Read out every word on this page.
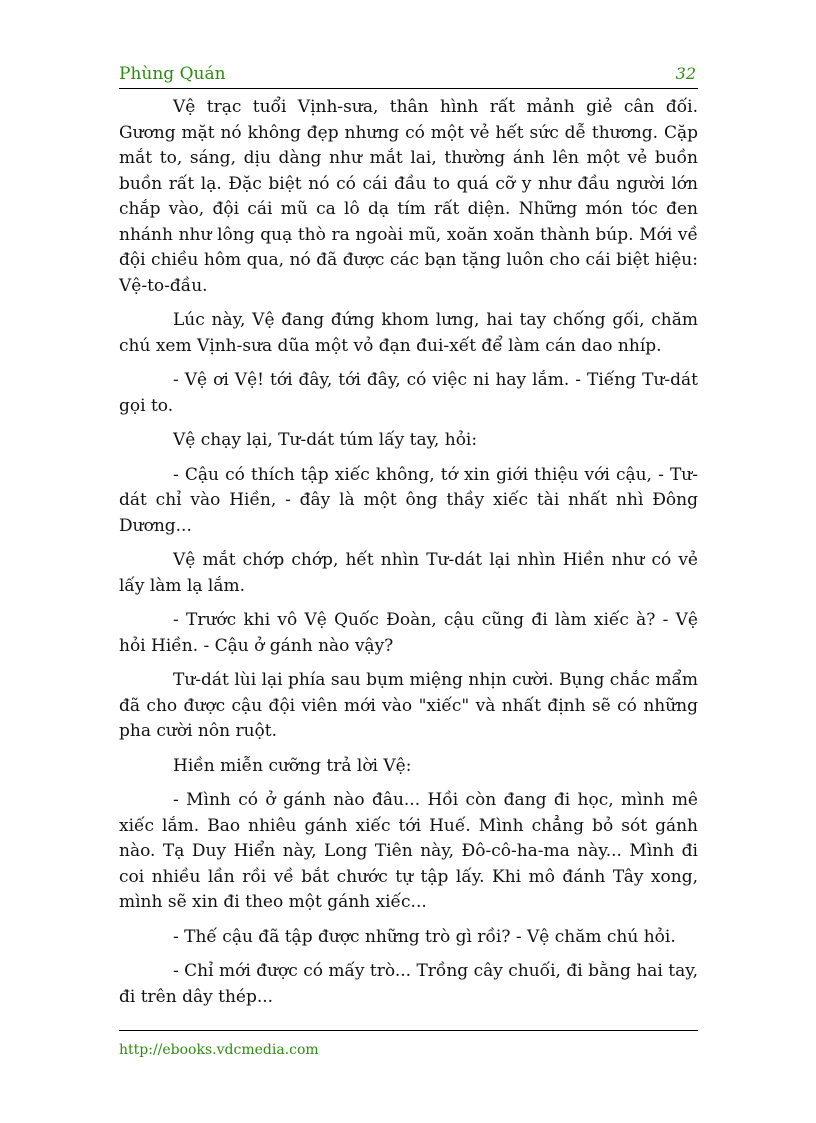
Phùng Quán	32

Vệ trạc tuổi Vịnh-sưa, thân hình rất mảnh giẻ cân đối. Gương mặt nó không đẹp nhưng có một vẻ hết sức dễ thương. Cặp mắt to, sáng, dịu dàng như mắt lai, thường ánh lên một vẻ buồn buồn rất lạ. Đặc biệt nó có cái đầu to quá cỡ y như đầu người lớn chắp vào, đội cái mũ ca lô dạ tím rất diện. Những món tóc đen nhánh như lông quạ thò ra ngoài mũ, xoăn xoăn thành búp. Mới về đội chiều hôm qua, nó đã được các bạn tặng luôn cho cái biệt hiệu: Vệ-to-đầu.

Lúc này, Vệ đang đứng khom lưng, hai tay chống gối, chăm chú xem Vịnh-sưa dũa một vỏ đạn đui-xết để làm cán dao nhíp.

- Vệ ơi Vệ! tới đây, tới đây, có việc ni hay lắm. - Tiếng Tư-dát gọi to.

Vệ chạy lại, Tư-dát túm lấy tay, hỏi:

- Cậu có thích tập xiếc không, tớ xin giới thiệu với cậu, - Tư-dát chỉ vào Hiền, - đây là một ông thầy xiếc tài nhất nhì Đông Dương...

Vệ mắt chớp chớp, hết nhìn Tư-dát lại nhìn Hiền như có vẻ lấy làm lạ lắm.

- Trước khi vô Vệ Quốc Đoàn, cậu cũng đi làm xiếc à? - Vệ hỏi Hiền. - Cậu ở gánh nào vậy?

Tư-dát lùi lại phía sau bụm miệng nhịn cười. Bụng chắc mẩm đã cho được cậu đội viên mới vào "xiếc" và nhất định sẽ có những pha cười nôn ruột.

Hiền miễn cưỡng trả lời Vệ:

- Mình có ở gánh nào đâu... Hồi còn đang đi học, mình mê xiếc lắm. Bao nhiêu gánh xiếc tới Huế. Mình chẳng bỏ sót gánh nào. Tạ Duy Hiển này, Long Tiên này, Đô-cô-ha-ma này... Mình đi coi nhiều lần rồi về bắt chước tự tập lấy. Khi mô đánh Tây xong, mình sẽ xin đi theo một gánh xiếc...

- Thế cậu đã tập được những trò gì rồi? - Vệ chăm chú hỏi.

- Chỉ mới được có mấy trò... Trồng cây chuối, đi bằng hai tay, đi trên dây thép...

http://ebooks.vdcmedia.com
